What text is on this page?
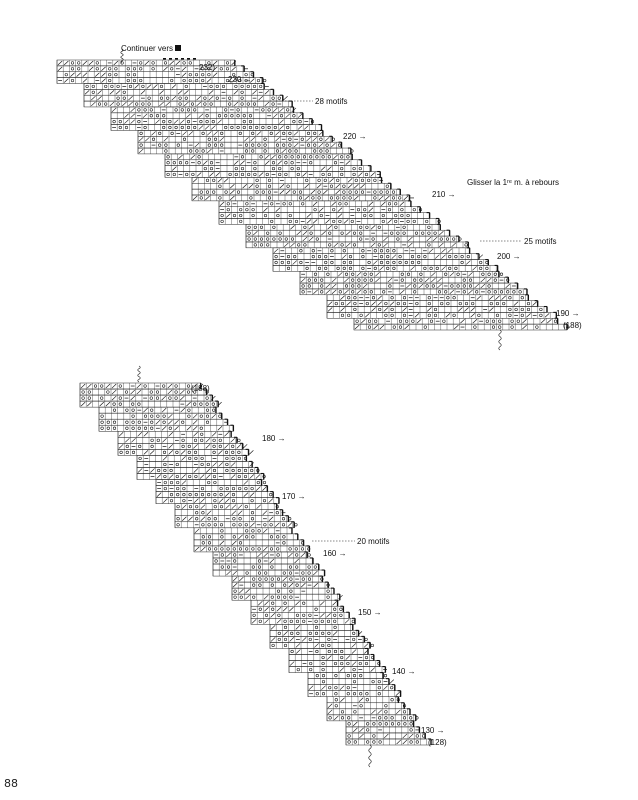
Continuer vers
232)
230 →
28 motifs
220 →
Glisser la 1ʳᵉ m. à rebours
210 →
25 motifs
200 →
190 →
(188)
(188)
180 →
170 →
20 motifs
160 →
150 →
140 →
130 →
(128)
88
